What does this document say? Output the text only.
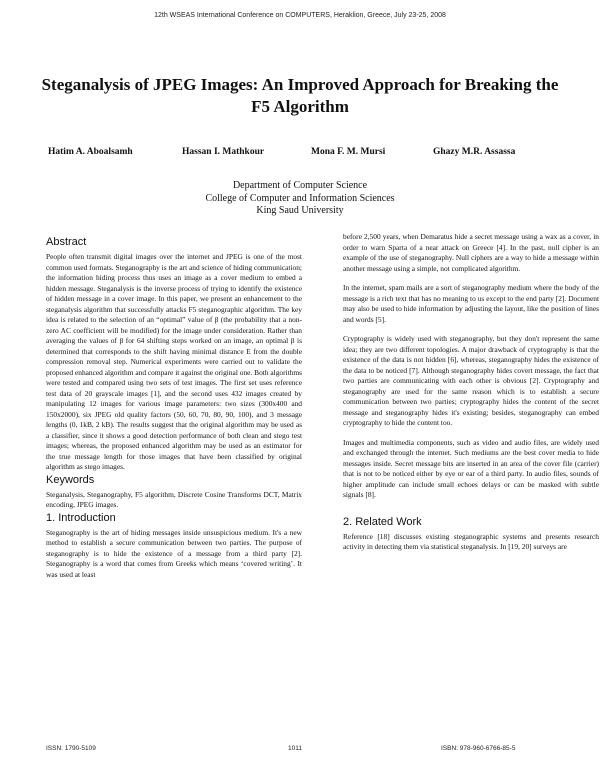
12th WSEAS International Conference on COMPUTERS, Heraklion, Greece, July 23-25, 2008
Steganalysis of JPEG Images: An Improved Approach for Breaking the F5 Algorithm
Hatim A. Aboalsamh	Hassan I. Mathkour	Mona F. M. Mursi	Ghazy M.R. Assassa
Department of Computer Science
College of Computer and Information Sciences
King Saud University
Abstract

People often transmit digital images over the internet and JPEG is one of the most common used formats. Steganography is the art and science of hiding communication; the information hiding process thus uses an image as a cover medium to embed a hidden message. Steganalysis is the inverse process of trying to identify the existence of hidden message in a cover image. In this paper, we present an enhancement to the steganalysis algorithm that successfully attacks F5 steganographic algorithm. The key idea is related to the selection of an “optimal” value of β (the probability that a non-zero AC coefficient will be modified) for the image under consideration. Rather than averaging the values of β for 64 shifting steps worked on an image, an optimal β is determined that corresponds to the shift having minimal distance E from the double compression removal step. Numerical experiments were carried out to validate the proposed enhanced algorithm and compare it against the original one. Both algorithms were tested and compared using two sets of test images. The first set uses reference test data of 20 grayscale images [1], and the second uses 432 images created by manipulating 12 images for various image parameters: two sizes (300x400 and 150x2000), six JPEG old quality factors (50, 60, 70, 80, 90, 100), and 3 message lengths (0, 1kB, 2 kB). The results suggest that the original algorithm may be used as a classifier, since it shows a good detection performance of both clean and stego test images; whereas, the proposed enhanced algorithm may be used as an estimator for the true message length for those images that have been classified by original algorithm as stego images.

Keywords

Steganalysis, Steganography, F5 algorithm, Discrete Cosine Transforms DCT, Matrix encoding, JPEG images.

1. Introduction

Steganography is the art of hiding messages inside unsuspicious medium. It's a new method to establish a secure communication between two parties. The purpose of steganography is to hide the existence of a message from a third party [2]. Steganography is a word that comes from Greeks which means ‘covered writing’. It was used at least

before 2,500 years, when Demaratus hide a secret message using a wax as a cover, in order to warn Sparta of a near attack on Greece [4]. In the past, null cipher is an example of the use of steganography. Null ciphers are a way to hide a message within another message using a simple, not complicated algorithm.

In the internet, spam mails are a sort of steganography medium where the body of the message is a rich text that has no meaning to us except to the end party [2]. Document may also be used to hide information by adjusting the layout, like the position of lines and words [5].

Cryptography is widely used with steganography, but they don't represent the same idea; they are two different topologies. A major drawback of cryptography is that the existence of the data is not hidden [6], whereas, steganography hides the existence of the data to be noticed [7]. Although steganography hides covert message, the fact that two parties are communicating with each other is obvious [2]. Cryptography and steganography are used for the same reason which is to establish a secure communication between two parties; cryptography hides the content of the secret message and steganography hides it's existing; besides, steganography can embed cryptography to hide the content too.

Images and multimedia components, such as video and audio files, are widely used and exchanged through the internet. Such mediums are the best cover media to hide messages inside. Secret message bits are inserted in an area of the cover file (carrier) that is not to be noticed either by eye or ear of a third party. In audio files, sounds of higher amplitude can include small echoes delays or can be masked with subtle signals [8].

2. Related Work

Reference [18] discusses existing steganographic systems and presents research activity in detecting them via statistical steganalysis. In [19, 20] surveys are

ISSN: 1790-5109	1011	ISBN: 978-960-6766-85-5
